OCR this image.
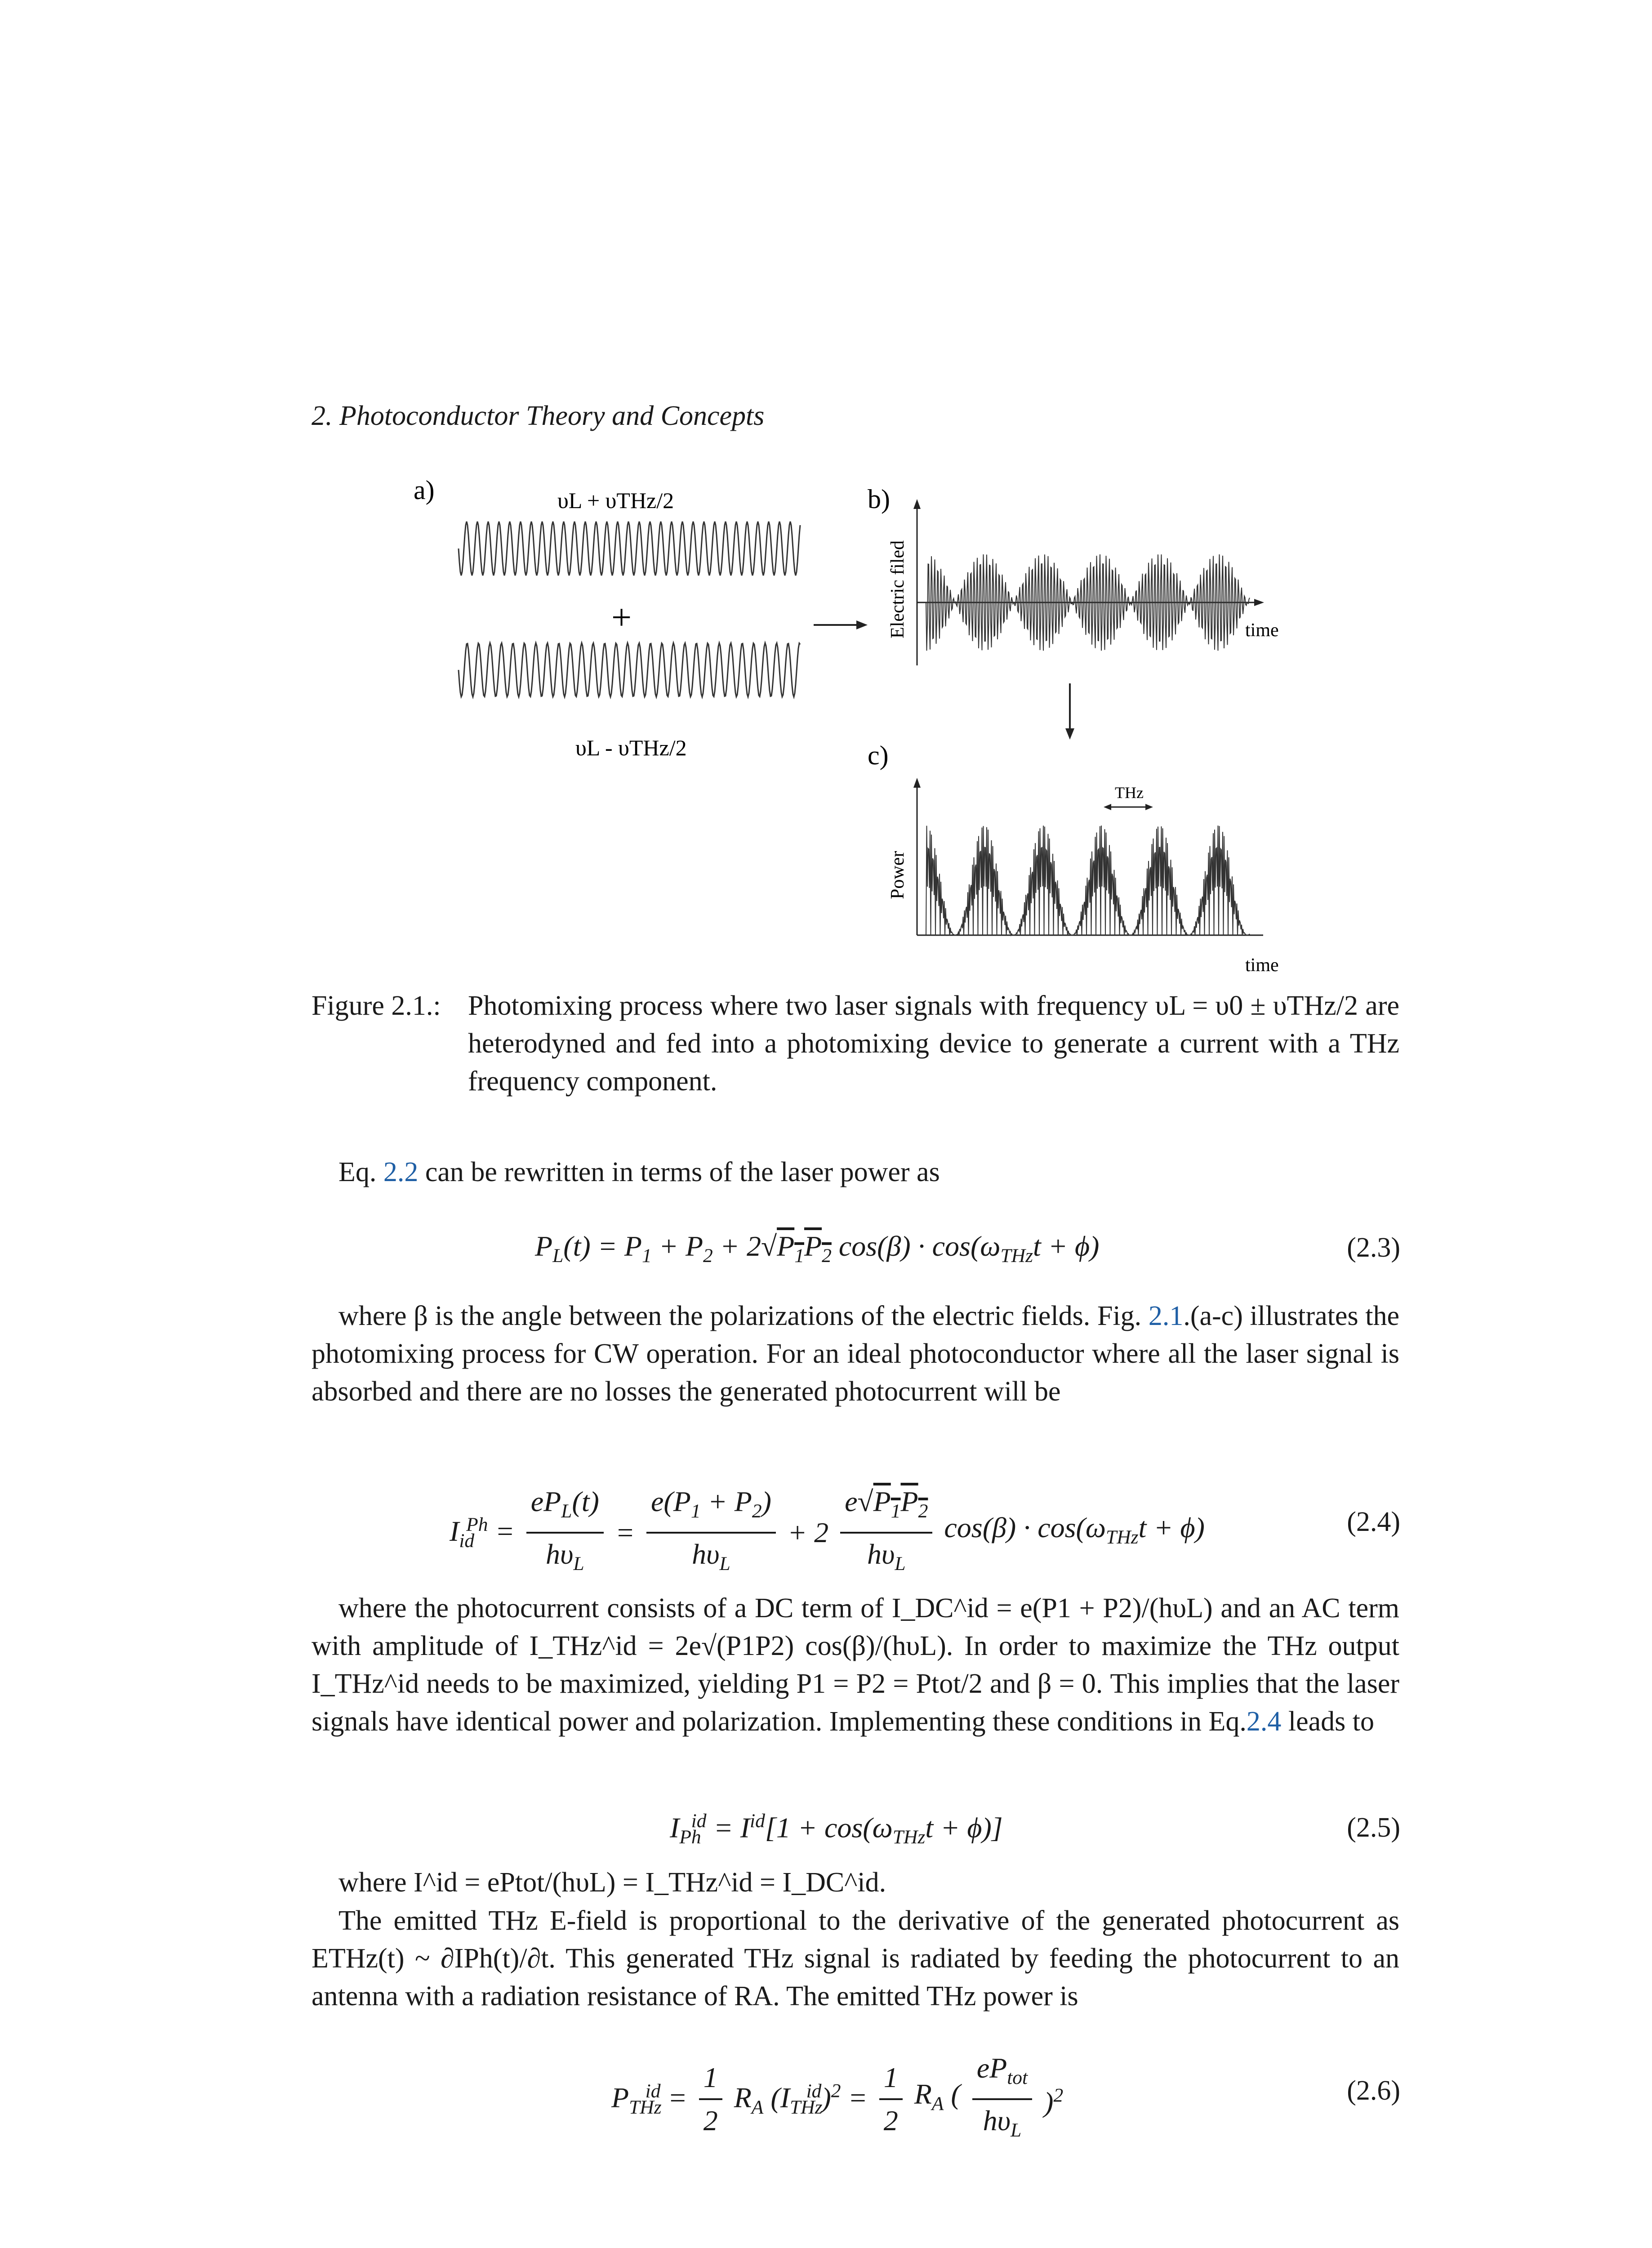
2. Photoconductor Theory and Concepts
a)	b)
c)
υL + υTHz/2
υL - υTHz/2
+	time
Electric filed
time
Power
THz
Figure 2.1.: Photomixing process where two laser signals with frequency υL = υ0 ± υTHz/2 are heterodyned and fed into a photomixing device to generate a current with a THz frequency component.
Eq. 2.2 can be rewritten in terms of the laser power as
$P_L(t) = P_1 + P_2 + 2√P_1P_2$ $\cos(\beta) \cdot \cos(\omega_{THz}t + \phi)$	(2.3)
where β is the angle between the polarizations of the electric fields. Fig. 2.1.(a-c) illustrates the photomixing process for CW operation. For an ideal photoconductor where all the laser signal is absorbed and there are no losses the generated photocurrent will be
$I_{id}^{Ph} = \frac{eP_L(t)}{h\upsilon_L} = \frac{e(P_1 + P_2)}{h\upsilon_L} + 2 \frac{e√P_1P_2}{h\upsilon_L} \cos(\beta) \cdot \cos(\omega_{THz}t + \phi)$	(2.4)
where the photocurrent consists of a DC term of I_DC^id = e(P1 + P2)/(hυL) and an AC term with amplitude of I_THz^id = 2e√(P1P2) cos(β)/(hυL). In order to maximize the THz output I_THz^id needs to be maximized, yielding P1 = P2 = Ptot/2 and β = 0. This implies that the laser signals have identical power and polarization. Implementing these conditions in Eq.2.4 leads to
$I_{Ph}^{id} = I^{id}[1 + \cos(\omega_{THz}t + \phi)]$	(2.5)
where I^id = ePtot/(hυL) = I_THz^id = I_DC^id.
The emitted THz E-field is proportional to the derivative of the generated photocurrent as ETHz(t) ~ ∂IPh(t)/∂t. This generated THz signal is radiated by feeding the photocurrent to an antenna with a radiation resistance of RA. The emitted THz power is
$P_{THz}^{id} = \frac{1}{2} R_A$ $(I_{THz}^{id})^2 = \frac{1}{2} R_A$ ( $\frac{eP_{tot}}{h\upsilon_L} )^2$	(2.6)
